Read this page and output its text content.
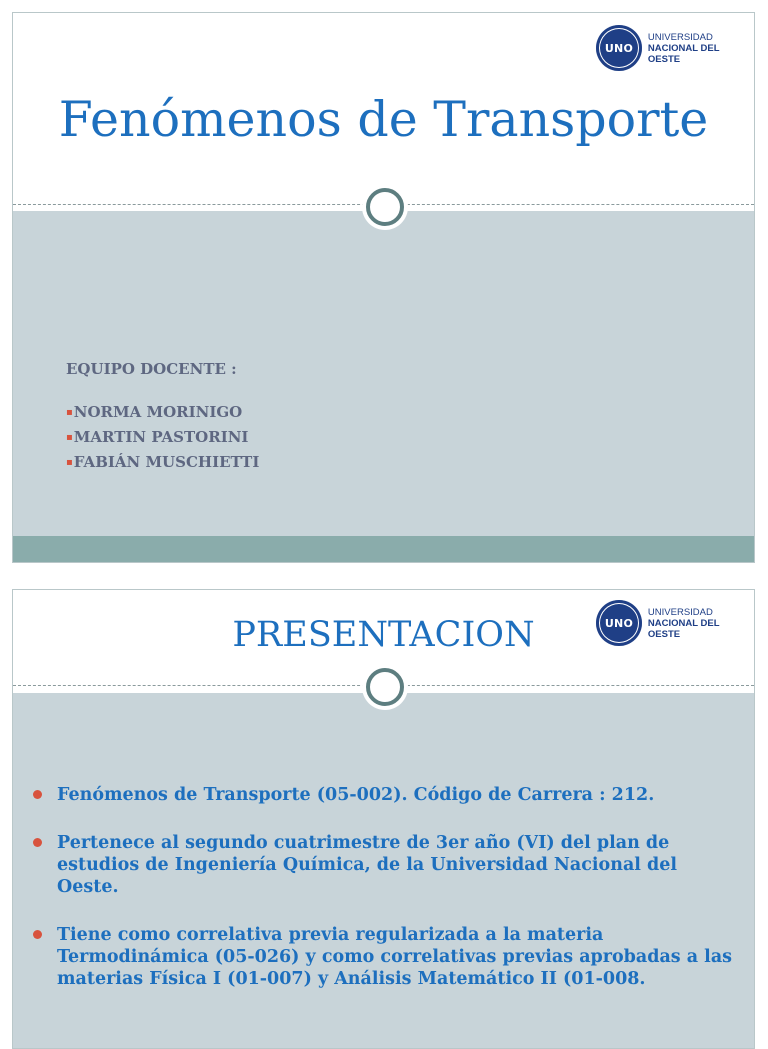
UNO
UNIVERSIDAD
NACIONAL DEL OESTE
Fenómenos de Transporte
EQUIPO DOCENTE :
▪NORMA MORINIGO
▪MARTIN PASTORINI
▪FABIÁN MUSCHIETTI
UNO
UNIVERSIDAD
NACIONAL DEL OESTE
PRESENTACION
Fenómenos de Transporte (05-002). Código de Carrera : 212.
Pertenece al segundo cuatrimestre de 3er año (VI) del plan de estudios de Ingeniería Química, de la Universidad Nacional del Oeste.
Tiene como correlativa previa regularizada a la materia Termodinámica (05-026) y como correlativas previas aprobadas a las materias Física I (01-007) y Análisis Matemático II (01-008.
